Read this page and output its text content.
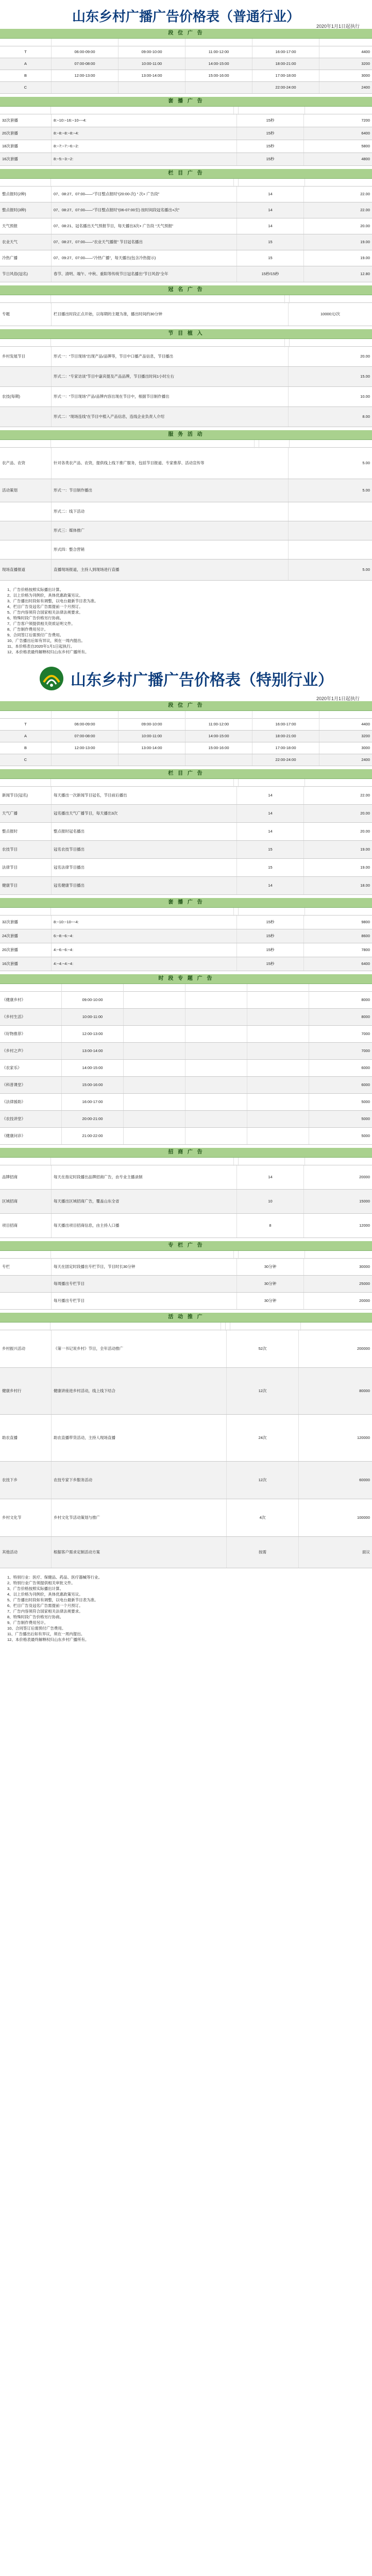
山东乡村广播广告价格表（普通行业）
2020年1月1日起执行
段 位 广 告
段位	时段	15秒(元)
T	06:00-09:00	09:00-10:00	11:00-12:00	16:00-17:00	4400
A	07:00-08:00	10:00-11:00	14:00-15:00	18:00-21:00	3200
B	12:00-13:00	13:00-14:00	15:00-16:00	17:00-18:00	3000
C	22:00-24:00	2400
套 播 广 告
套播类型	播出时间段	播出时长	刊例价(元/月)
32次套播	8:~10:~16:~10~~4:	15秒	7200
20次套播	8:~8:~8:~8:~4:	15秒	6400
18次套播	8:~7:~7:~6:~2:	15秒	5800
16次套播	8:~5:~3:~2:	15秒	4800
栏 目 广 告
栏目	播出时间及频次	广告时长	单价(万元/年)
整点报时(2种)	07、08:27、07:00——“节目整点报时”(20:00-次) “ 次+ 广告段”	14	22.00
整点报时(3种)	07、08:27、07:00——“节目整点报时”(06-07:00至) 按时间段冠名播出+次”	14	22.00
天气预报	07、08:21、冠名播出天气预报节目，每天播出3次+ 广告段 “天气预报”	14	20.00
农业天气	07、08:27、07:00——“农业天气播报” 节目冠名播出	15	19.00
冷热广播	07、09:27、07:00——“冷热广播”，每天播出(包含冷热提示)	15	19.00
节日风俗(冠名)	春节、清明、端午、中秋、重阳等传统节日冠名播出“节日风俗”全年	15秒/15秒	12.80
冠 名 广 告
栏目	播出形式	价格(元/天)
专题	栏目播出时段正点开始，以每期的主题为准，播出时间约30分钟	10000元/次
节 目 植 入
项目	播出形式	价格(万元)
乡村发展节目	形式一：“节目现场”出现产品/品牌等，节目中口播产品信息，节目播出	20.00
形式二：“专家访谈”节目中嘉宾提及产品品牌，节目播出时间1小时左右	15.00
农技(每期)	形式一：“节目现场”产品/品牌内容出现在节目中，根据节目制作播出	10.00
形式二：“现场连线”在节目中植入产品信息，连线企业负责人介绍	8.00
服 务 活 动
项目	服务内容	价格(万元)
农产品、农资	针对各类农产品、农资，提供线上线下推广服务，包括节目报道、专家推荐、活动宣传等	5.00
活动策划	形式一：节目制作播出	5.00
形式二：线下活动
形式三：媒体推广
形式四：整合营销
现场直播报道	直播现场报道，主持人到现场进行直播	5.00
1、广告价格按照实际播出计算。
2、以上价格为刊例价，具体优惠政策另议。
3、广告播出时段如有调整，以电台最新节目表为准。
4、栏目广告及冠名广告需提前一个月预订。
5、广告内容须符合国家相关法律法规要求。
6、特殊时段广告价格另行协商。
7、广告客户须提供相关资质证明文件。
8、广告制作费用另计。
9、合同签订后需预付广告费用。
10、广告播出后如有异议，须在一周内提出。
11、本价格表自2020年1月1日起执行。
12、本价格表最终解释权归山东乡村广播所有。
山东乡村广播广告价格表（特别行业）
2020年1月1日起执行
段 位 广 告
段位	时段	15秒(元)
T	06:00-09:00	09:00-10:00	11:00-12:00	16:00-17:00	4400
A	07:00-08:00	10:00-11:00	14:00-15:00	18:00-21:00	3200
B	12:00-13:00	13:00-14:00	15:00-16:00	17:00-18:00	3000
C	22:00-24:00	2400
栏 目 广 告
栏目	播出时间及频次	广告时长	价格(万元)
新闻节目(冠名)	每天播出一次新闻节目冠名，节目前后播出	14	22.00
天气广播	冠名播出天气广播节目，每天播出3次	14	20.00
整点报时	整点报时冠名播出	14	20.00
农技节目	冠名农技节目播出	15	19.00
法律节目	冠名法律节目播出	15	19.00
健康节目	冠名健康节目播出	14	18.00
套 播 广 告
套播类型	播出时间段	播出时长	刊例价(元/月)
32次套播	8:~10:~10~~4:	15秒	9800
24次套播	6:~8:~6:~4:	15秒	8600
20次套播	4:~6:~6:~4:	15秒	7800
16次套播	4:~4:~4:~4:	15秒	6400
时 段 专 题 广 告
节目名称	播出时间	周期	广告形式	刊例价	价格(元/期)
《健康乡村》	09:00-10:00	8000
《乡村生活》	10:00-11:00	8000
《好物推荐》	12:00-13:00	7000
《乡村之声》	13:00-14:00	7000
《农家乐》	14:00-15:00	6000
《科普课堂》	15:00-16:00	6000
《法律援助》	16:00-17:00	5000
《农技讲堂》	20:00-21:00	5000
《健康问诊》	21:00-22:00	5000
招 商 广 告
项目	播出形式	频次	价格(元/月)
品牌招商	每天在指定时段播出品牌招商广告，由专业主播录制	14	20000
区域招商	每天播出区域招商广告，覆盖山东全省	10	15000
项目招商	每天播出项目招商信息，由主持人口播	8	12000
专 栏 广 告
节目	播出形式	播出时长	价格(元/月)
专栏	每天在固定时段播出专栏节目，节目时长30分钟	30分钟	30000
每周播出专栏节目	30分钟	25000
每月播出专栏节目	30分钟	20000
活 动 推 广
项目	活动内容	期次	价格(元/期)
乡村振兴活动	《第一书记说乡村》节目，全年活动推广	52次	200000
健康乡村行	健康讲座进乡村活动，线上线下结合	12次	80000
助农直播	助农直播带货活动，主持人现场直播	24次	120000
农技下乡	农技专家下乡服务活动	12次	60000
乡村文化节	乡村文化节活动策划与推广	4次	100000
其他活动	根据客户需求定制活动方案	按需	面议
1、特别行业：医疗、保健品、药品、医疗器械等行业。
2、特别行业广告须提供相关审批文件。
3、广告价格按照实际播出计算。
4、以上价格为刊例价，具体优惠政策另议。
5、广告播出时段如有调整，以电台最新节目表为准。
6、栏目广告及冠名广告需提前一个月预订。
7、广告内容须符合国家相关法律法规要求。
8、特殊时段广告价格另行协商。
9、广告制作费用另计。
10、合同签订后需预付广告费用。
11、广告播出后如有异议，须在一周内提出。
12、本价格表最终解释权归山东乡村广播所有。
